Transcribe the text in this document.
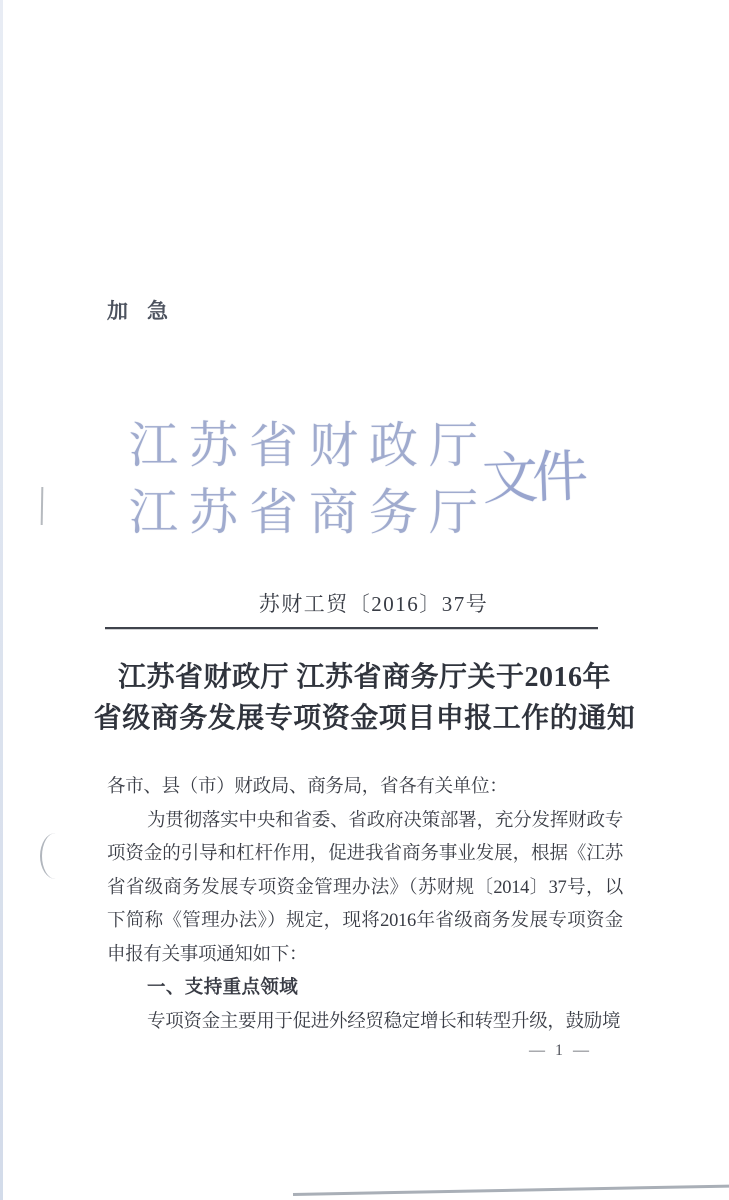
加急
江苏省财政厅
江苏省商务厅
文件
苏财工贸〔2016〕37号
江苏省财政厅 江苏省商务厅关于2016年
省级商务发展专项资金项目申报工作的通知
各市、县（市）财政局、商务局，省各有关单位：
为贯彻落实中央和省委、省政府决策部署，充分发挥财政专
项资金的引导和杠杆作用，促进我省商务事业发展，根据《江苏
省省级商务发展专项资金管理办法》（苏财规〔2014〕37号，以
下简称《管理办法》）规定，现将2016年省级商务发展专项资金
申报有关事项通知如下：
一、支持重点领域
专项资金主要用于促进外经贸稳定增长和转型升级，鼓励境
— 1 —
